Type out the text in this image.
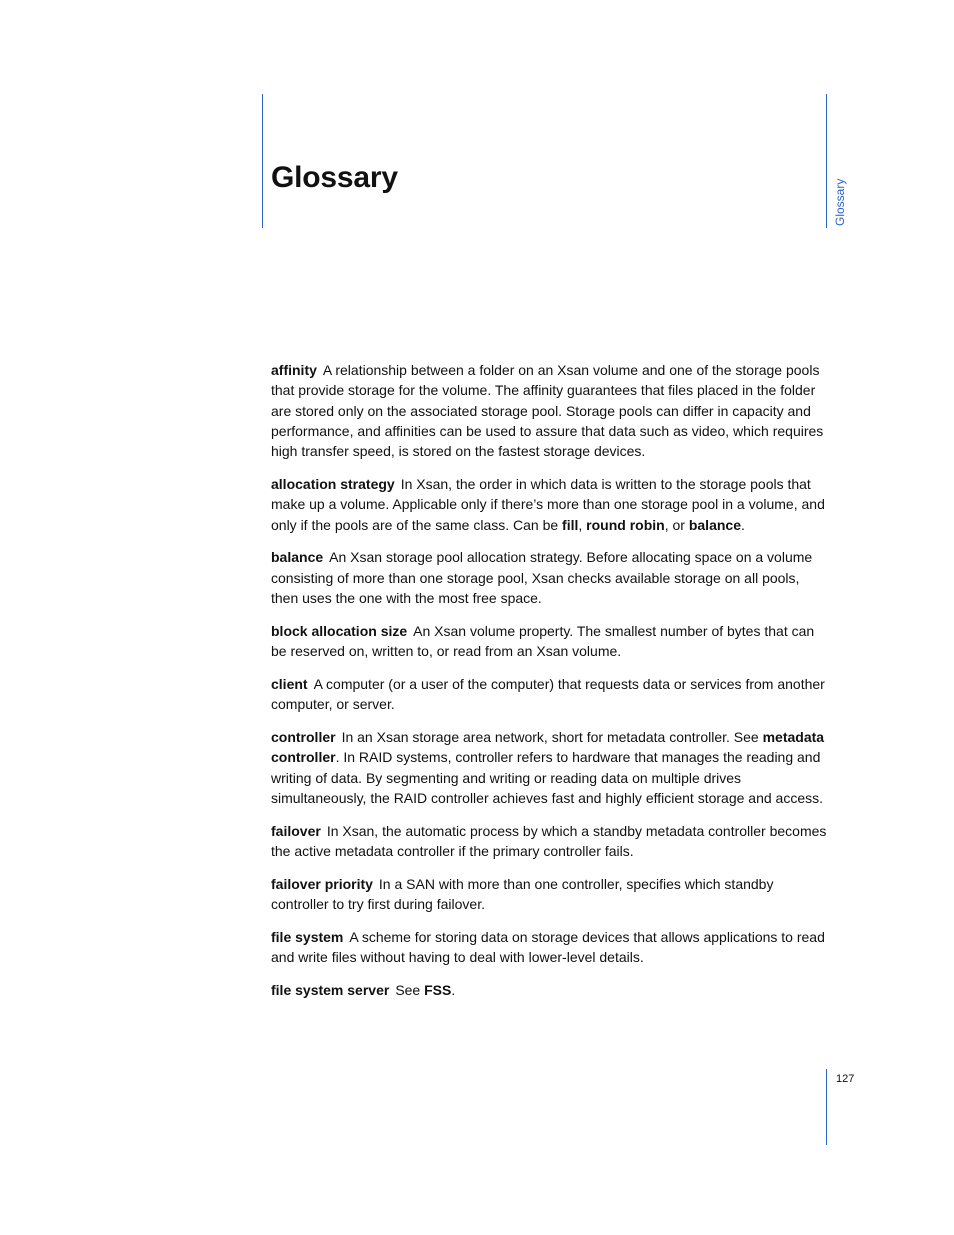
Glossary
Glossary

affinity A relationship between a folder on an Xsan volume and one of the storage pools that provide storage for the volume. The affinity guarantees that files placed in the folder are stored only on the associated storage pool. Storage pools can differ in capacity and performance, and affinities can be used to assure that data such as video, which requires high transfer speed, is stored on the fastest storage devices.

allocation strategy In Xsan, the order in which data is written to the storage pools that make up a volume. Applicable only if there’s more than one storage pool in a volume, and only if the pools are of the same class. Can be fill, round robin, or balance.

balance An Xsan storage pool allocation strategy. Before allocating space on a volume consisting of more than one storage pool, Xsan checks available storage on all pools, then uses the one with the most free space.

block allocation size An Xsan volume property. The smallest number of bytes that can be reserved on, written to, or read from an Xsan volume.

client A computer (or a user of the computer) that requests data or services from another computer, or server.

controller In an Xsan storage area network, short for metadata controller. See metadata controller. In RAID systems, controller refers to hardware that manages the reading and writing of data. By segmenting and writing or reading data on multiple drives simultaneously, the RAID controller achieves fast and highly efficient storage and access.

failover In Xsan, the automatic process by which a standby metadata controller becomes the active metadata controller if the primary controller fails.

failover priority In a SAN with more than one controller, specifies which standby controller to try first during failover.

file system A scheme for storing data on storage devices that allows applications to read and write files without having to deal with lower-level details.

file system server See FSS.

127
